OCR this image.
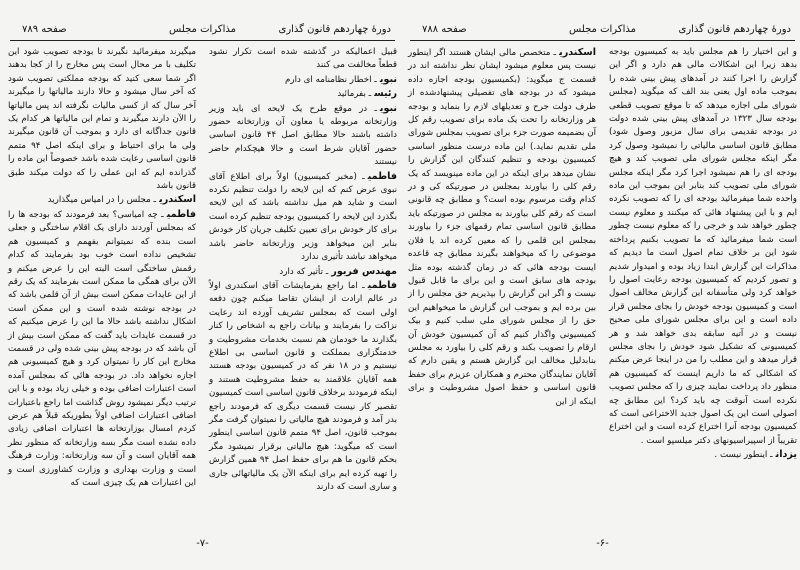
دورهٔ چهاردهم قانون گذاری
مذاکرات مجلس
صفحه ۷۸۸

و این اختیار را هم مجلس باید به کمیسیون بودجه بدهد زیرا این اشکالات مالی هم دارد و اگر این گزارش را اجرا کنند در آمدهای پیش بینی شده را بموجب ماده اول یعنی بند الف که میگوید (مجلس شورای ملی اجازه میدهد که تا موقع تصویب قطعی بودجه سال ۱۳۲۳ در آمدهای پیش بینی شده دولت در بودجه تقدیمی برای سال مزبور وصول شود) مطابق قانون اساسی مالیاتی را نمیشود وصول کرد مگر اینکه مجلس شورای ملی تصویب کند و هیچ بودجه ای را هم نمیشود اجرا کرد مگر اینکه مجلس شورای ملی تصویب کند بنابر این بموجب این ماده واحده شما میفرمائید بودجه ای را که تصویب نکرده ایم و با این پیشنهاد هائی که میکنند و معلوم نیست چطور خواهد شد و خرجی را که معلوم نیست چطور است شما میفرمائید که ما تصویب بکنیم پرداخته شود این بر خلاف تمام اصول است ما دیدیم که مذاکرات این گزارش ابتدا زیاد بوده و امیدوار شدیم و تصور کردیم که کمیسیون بودجه رعایت اصول را خواهد کرد ولی متأسفانه این گزارش مخالف اصول است و کمیسیون بودجه خودش را بجای مجلس قرار داده است و این برای مجلس شورای ملی صحیح نیست و در آتیه سابقه بدی خواهد شد و هر کمیسیونی که تشکیل شود خودش را بجای مجلس قرار میدهد و این مطلب را من در اینجا عرض میکنم که اشکالی که ما داریم اینست که کمیسیون هم منظور داد پرداخت نمایند چیزی را که مجلس تصویب نکرده است آنوقت چه باید کرد؟ این مطابق چه اصولی است این یک اصول جدید الاختراعی است که کمیسیون بودجه آنرا اختراع کرده است و این اختراع تقریباً از اسپیراسیونهای دکتر میلسپو است .

یزدانـ اینطور نیست .

اسکندریـ متخصص مالی ایشان هستند اگر اینطور نیست پس معلوم میشود ایشان نظر نداشته اند در قسمت ج میگوید: (بکمیسیون بودجه اجازه داده میشود که در بودجه های تفصیلی پیشنهادشده از طرف دولت جرح و تعدیلهای لازم را بنماید و بودجه هر وزارتخانه را تحت یک ماده برای تصویب رقم کل آن بضمیمه صورت جزء برای تصویب بمجلس شورای ملی تقدیم نماید.) این ماده درست منظور اساسی کمیسیون بودجه و تنظیم کنندگان این گزارش را نشان میدهد برای اینکه در این ماده مینویسد که یک رقم کلی را بیاورند بمجلس در صورتیکه کی و در کدام وقت مرسوم بوده است؟ و مطابق چه قانونی است که رقم کلی بیاورند به مجلس در صورتیکه باید مطابق قانون اساسی تمام رقمهای جزء را بیاورند بمجلس این قلمی را که معین کرده اند یا فلان موضوعی را که میخواهند بگیرند مطابق چه قاعده ایست بودجه هائی که در زمان گذشته بوده مثل بودجه های سابق است و این برای ما قابل قبول نیست و اگر این گزارش را بپذیریم حق مجلس را از بین برده ایم و بموجب این گزارش ما میخواهیم این حق را از مجلس شورای ملی سلب کنیم و بیک کمیسیونی واگذار کنیم که آن کمیسیون خودش آن ارقام را تصویب بکند و رقم کلی را بیاورد به مجلس بنابدلیل مخالف این گزارش هستم و یقین دارم که آقایان نمایندگان محترم و همکاران عزیزم برای حفظ قانون اساسی و حفظ اصول مشروطیت و برای اینکه از این

-۶-
دورهٔ چهاردهم قانون گذاری
مذاکرات مجلس
صفحه ۷۸۹

قبیل اعمالیکه در گذشته شده است تکرار نشود قطعاً مخالفت می کنند

نبویـ اخطار نظامنامه ای دارم

رئیسـ بفرمائید

نبویـ در موقع طرح یک لایحه ای باید وزیر وزارتخانه مربوطه یا معاون آن وزارتخانه حضور داشته باشند حالا مطابق اصل ۴۴ قانون اساسی حضور آقایان شرط است و حالا هیچکدام حاضر نیستند

فاطمیـ (مخبر کمیسیون) اولاً برای اطلاع آقای نبوی عرض کنم که این لایحه را دولت تنظیم نکرده است و شاید هم میل نداشته باشد که این لایحه بگذرد این لایحه را کمیسیون بودجه تنظیم کرده است برای کار خودش برای تعیین تکلیف جریان کار خودش بنابر این میخواهد وزیر وزارتخانه حاضر باشد میخواهد نباشد تأثیری ندارد

مهندس فریورـ تأثیر که دارد

فاطمیـ اما راجع بفرمایشات آقای اسکندری اولاً در عالم ارادت از ایشان تقاضا میکنم چون دفعه اولی است که بمجلس تشریف آورده اند رعایت نزاکت را بفرمایند و بیانات راجع به اشخاص را کنار بگذارند ما خودمان هم نسبت بخدمات مشروطیت و خدمتگزاری بمملکت و قانون اساسی بی اطلاع نیستیم و در ۱۸ نفر که در کمیسیون بودجه هستند همه آقایان علاقمند به حفظ مشروطیت هستند و اینکه فرمودند برخلاف قانون اساسی است کمیسیون تقصیر کار نیست قسمت دیگری که فرمودند راجع بدر آمد و فرمودند هیچ مالیاتی را نمیتوان گرفت مگر بموجب قانون، اصل ۹۴ متمم قانون اساسی اینطور است که میگوید: هیچ مالیاتی برقرار نمیشود مگر بحکم قانون ما هم برای حفظ اصل ۹۴ همین گزارش را تهیه کرده ایم برای اینکه الآن یک مالیاتهائی جاری و ساری است که دارند

میگیرند میفرمائید نگیرند تا بودجه تصویب شود این تکلیف با مر محال است پس مخارج را از کجا بدهند اگر شما سعی کنید که بودجه مملکتی تصویب شود که آخر سال میشود و حالا دارند مالیاتها را میگیرند آخر سال که از کسی مالیات نگرفته اند پس مالیاتها را الآن دارند میگیرند و تمام این مالیاتها هر کدام یک قانون جداگانه ای دارد و بموجب آن قانون میگیرند ولی ما برای احتیاط و برای اینکه اصل ۹۴ متمم قانون اساسی رعایت شده باشد خصوصاً این ماده را گذرانده ایم که این عملی را که دولت میکند طبق قانون باشد

اسکندریـ مجلس را در امیاس میگذارید

فاطمیـ چه امیاسی؟ بعد فرمودند که بودجه ها را که بمجلس آوردند دارای یک اقلام ساختگی و جعلی است بنده که نمیتوانم بفهمم و کمیسیون هم تشخیص نداده است خوب بود بفرمایند که کدام رقمش ساختگی است البته این را عرض میکنم و الآن برای همگی ما ممکن است بفرمایند که یک رقم از این عایدات ممکن است بیش از آن قلمی باشد که در بودجه نوشته شده است و این ممکن است اشکال نداشته باشد حالا ما این را عرض میکنیم که در قسمت عایدات باید گفت که ممکن است بیش از آن باشد که در بودجه پیش بینی شده ولی در قسمت مخارج این کار را نمیتوان کرد و هیچ کمیسیونی هم اجازه نخواهد داد. در بودجه هائی که بمجلس آمده است اعتبارات اضافی بوده و خیلی زیاد بوده و با این ترتیب دیگر نمیشود روش گذاشت اما راجع باعتبارات اضافی اعتبارات اضافی اولاً بطوریکه قبلاً هم عرض کردم امسال بوزارتخانه ها اعتبارات اضافی زیادی داده نشده است مگر بسه وزارتخانه که منظور نظر همه آقایان است و آن سه وزارتخانه: وزارت فرهنگ است و وزارت بهداری و وزارت کشاورزی است و این اعتبارات هم یک چیزی است که

-۷-
